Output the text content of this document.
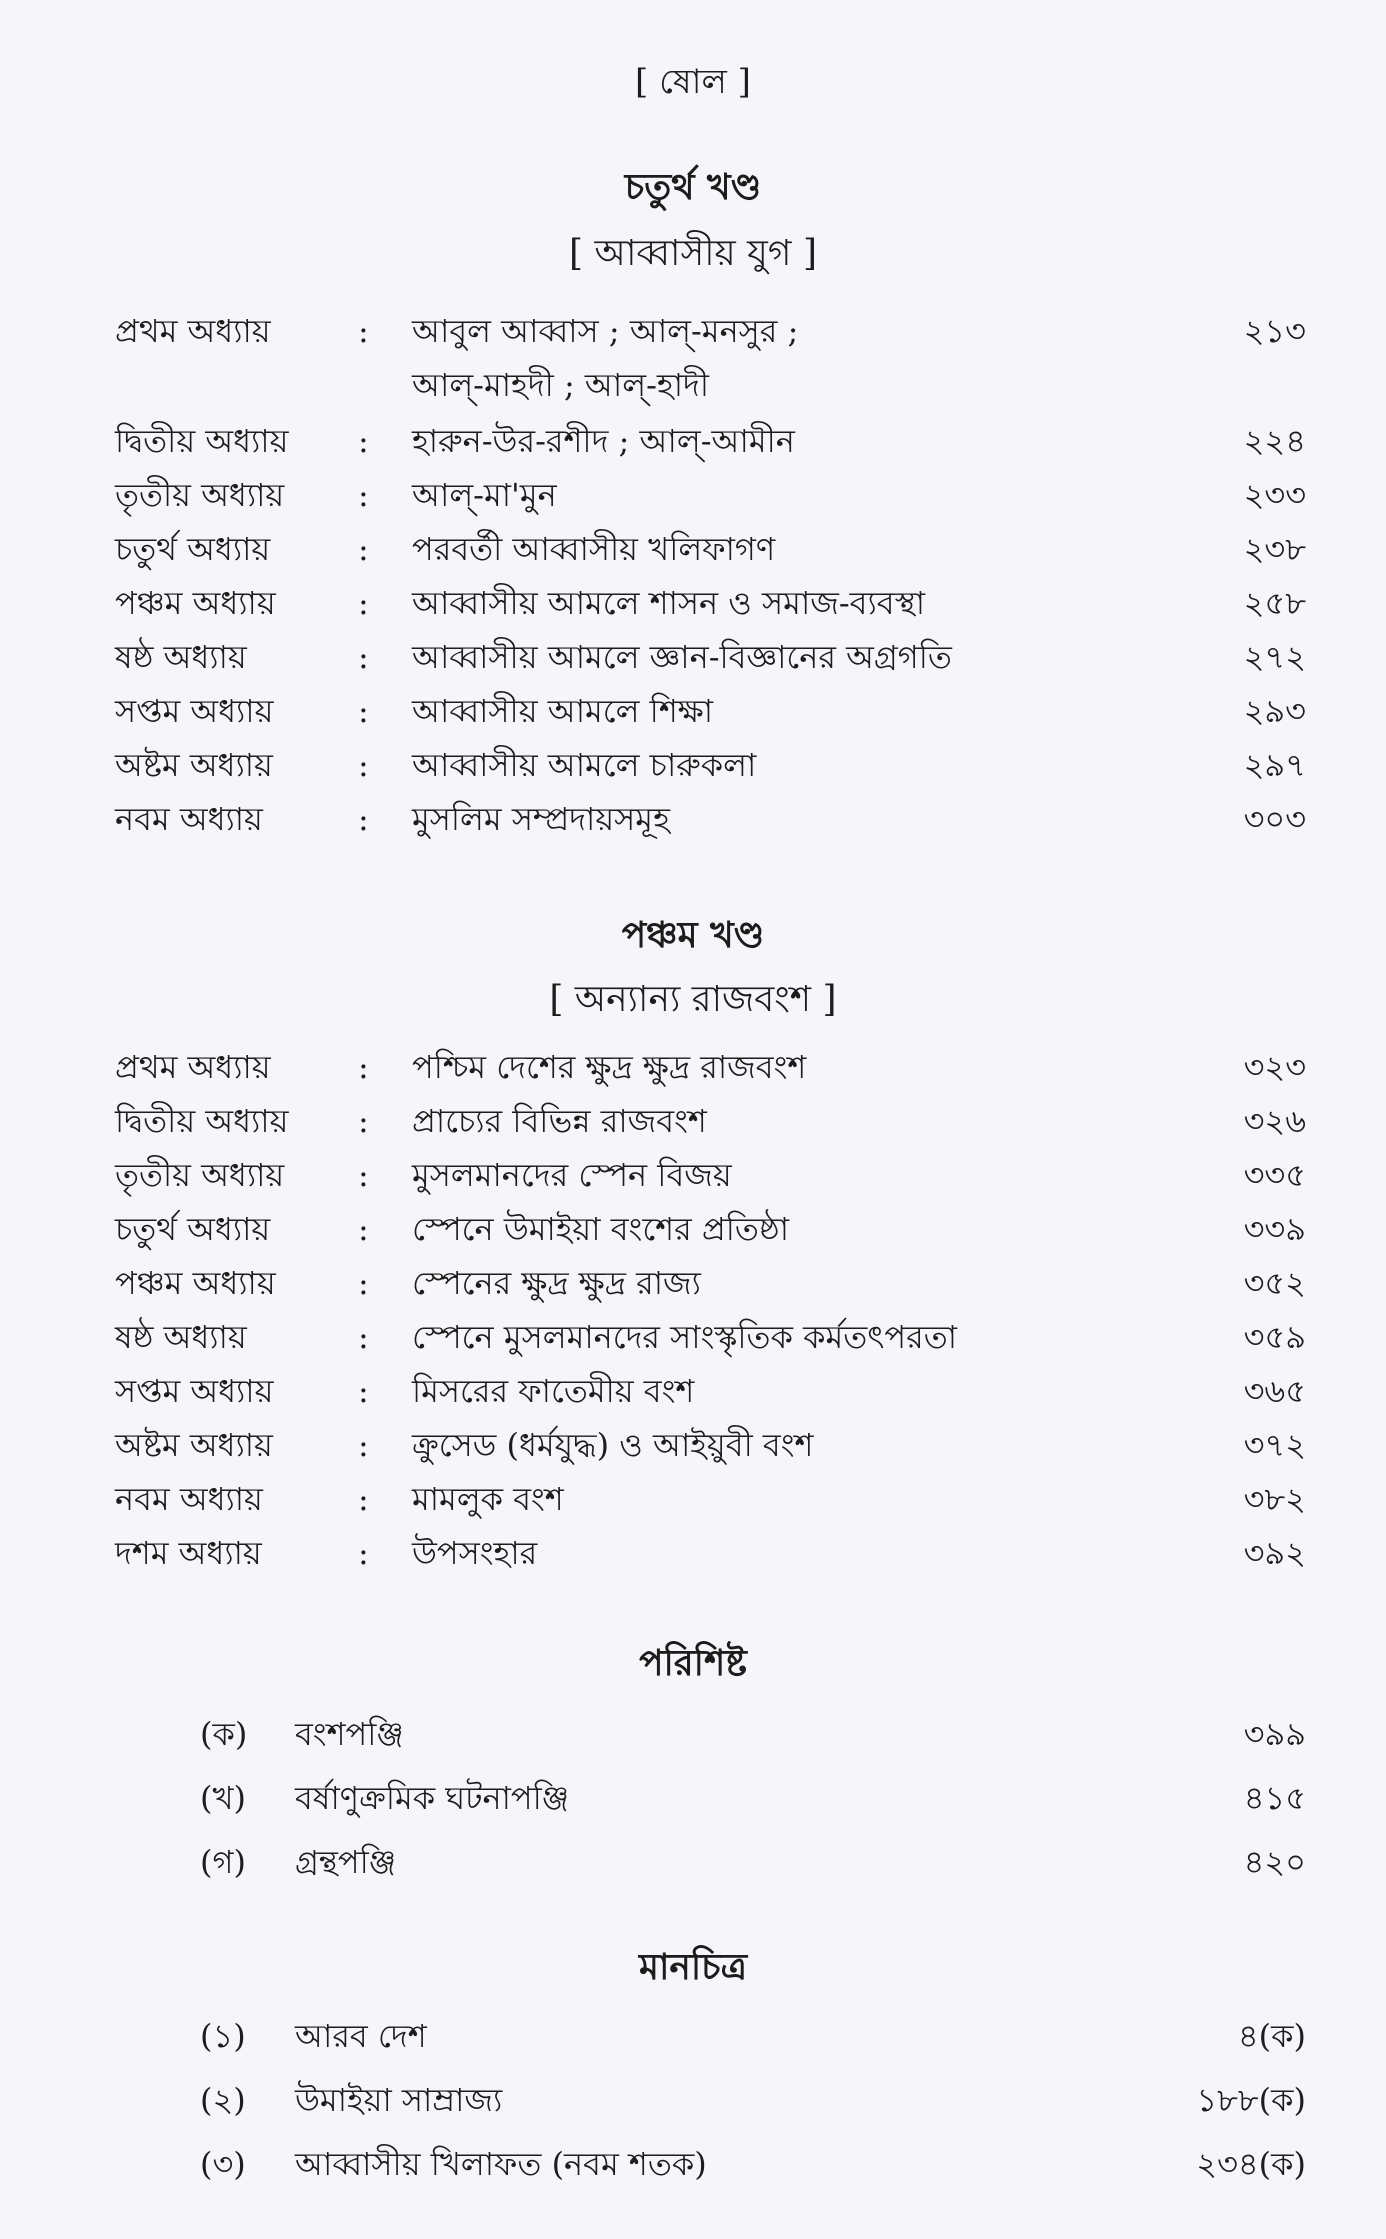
[ ষোল ]
চতুর্থ খণ্ড
[ আব্বাসীয় যুগ ]
প্রথম অধ্যায়	: আবুল আব্বাস ; আল্‌-মনসুর ;
আল্‌-মাহদী ; আল্‌-হাদী
২১৩
দ্বিতীয় অধ্যায় : হারুন-উর-রশীদ ; আল্‌-আমীন	২২৪
তৃতীয় অধ্যায় : আল্‌-মা'মুন	২৩৩
চতুর্থ অধ্যায়	: পরবর্তী আব্বাসীয় খলিফাগণ	২৩৮
পঞ্চম অধ্যায়	: আব্বাসীয় আমলে শাসন ও সমাজ-ব্যবস্থা	২৫৮
ষষ্ঠ অধ্যায়	: আব্বাসীয় আমলে জ্ঞান-বিজ্ঞানের অগ্রগতি	২৭২
সপ্তম অধ্যায়	: আব্বাসীয় আমলে শিক্ষা	২৯৩
অষ্টম অধ্যায়	: আব্বাসীয় আমলে চারুকলা	২৯৭
নবম অধ্যায়	: মুসলিম সম্প্রদায়সমূহ	৩০৩
পঞ্চম খণ্ড
[ অন্যান্য রাজবংশ ]
প্রথম অধ্যায়	: পশ্চিম দেশের ক্ষুদ্র ক্ষুদ্র রাজবংশ	৩২৩
দ্বিতীয় অধ্যায় : প্রাচ্যের বিভিন্ন রাজবংশ	৩২৬
তৃতীয় অধ্যায় : মুসলমানদের স্পেন বিজয়	৩৩৫
চতুর্থ অধ্যায়	: স্পেনে উমাইয়া বংশের প্রতিষ্ঠা	৩৩৯
পঞ্চম অধ্যায়	: স্পেনের ক্ষুদ্র ক্ষুদ্র রাজ্য	৩৫২
ষষ্ঠ অধ্যায়	: স্পেনে মুসলমানদের সাংস্কৃতিক কর্মতৎপরতা	৩৫৯
সপ্তম অধ্যায়	: মিসরের ফাতেমীয় বংশ	৩৬৫
অষ্টম অধ্যায়	: ক্রুসেড (ধর্মযুদ্ধ) ও আইয়ুবী বংশ	৩৭২
নবম অধ্যায়	: মামলুক বংশ	৩৮২
দশম অধ্যায়	: উপসংহার	৩৯২
পরিশিষ্ট
(ক) বংশপঞ্জি	৩৯৯
(খ) বর্ষাণুক্রমিক ঘটনাপঞ্জি	৪১৫
(গ) গ্রন্থপঞ্জি	৪২০
মানচিত্র
(১) আরব দেশ	৪(ক)
(২) উমাইয়া সাম্রাজ্য	১৮৮(ক)
(৩) আব্বাসীয় খিলাফত (নবম শতক)	২৩৪(ক)
